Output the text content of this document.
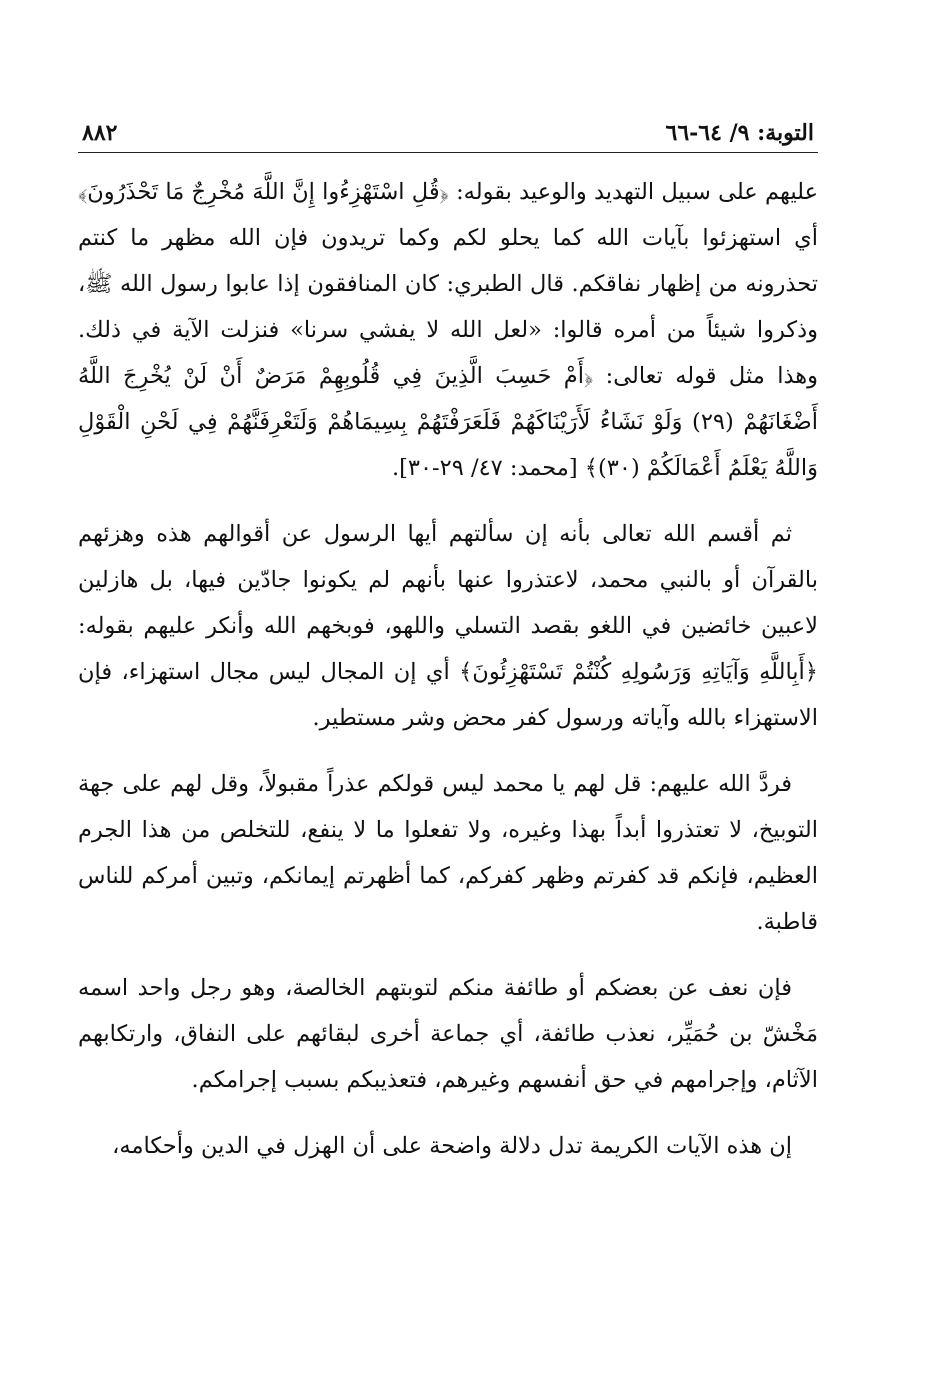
التوبة: ٩/ ٦٤-٦٦
٨٨٢

عليهم على سبيل التهديد والوعيد بقوله: ﴿قُلِ اسْتَهْزِءُوا إِنَّ اللَّهَ مُخْرِجٌ مَا تَحْذَرُونَ﴾ أي استهزئوا بآيات الله كما يحلو لكم وكما تريدون فإن الله مظهر ما كنتم تحذرونه من إظهار نفاقكم. قال الطبري: كان المنافقون إذا عابوا رسول الله ﷺ، وذكروا شيئاً من أمره قالوا: «لعل الله لا يفشي سرنا» فنزلت الآية في ذلك. وهذا مثل قوله تعالى: ﴿أَمْ حَسِبَ الَّذِينَ فِي قُلُوبِهِمْ مَرَضٌ أَنْ لَنْ يُخْرِجَ اللَّهُ أَضْغَانَهُمْ (٢٩) وَلَوْ نَشَاءُ لَأَرَيْنَاكَهُمْ فَلَعَرَفْتَهُمْ بِسِيمَاهُمْ وَلَتَعْرِفَنَّهُمْ فِي لَحْنِ الْقَوْلِ وَاللَّهُ يَعْلَمُ أَعْمَالَكُمْ (٣٠)﴾ [محمد: ٤٧/ ٢٩-٣٠].

ثم أقسم الله تعالى بأنه إن سألتهم أيها الرسول عن أقوالهم هذه وهزئهم بالقرآن أو بالنبي محمد، لاعتذروا عنها بأنهم لم يكونوا جادّين فيها، بل هازلين لاعبين خائضين في اللغو بقصد التسلي واللهو، فوبخهم الله وأنكر عليهم بقوله: ﴿أَبِاللَّهِ وَآيَاتِهِ وَرَسُولِهِ كُنْتُمْ تَسْتَهْزِئُونَ﴾ أي إن المجال ليس مجال استهزاء، فإن الاستهزاء بالله وآياته ورسول كفر محض وشر مستطير.

فردَّ الله عليهم: قل لهم يا محمد ليس قولكم عذراً مقبولاً، وقل لهم على جهة التوبيخ، لا تعتذروا أبداً بهذا وغيره، ولا تفعلوا ما لا ينفع، للتخلص من هذا الجرم العظيم، فإنكم قد كفرتم وظهر كفركم، كما أظهرتم إيمانكم، وتبين أمركم للناس قاطبة.

فإن نعف عن بعضكم أو طائفة منكم لتوبتهم الخالصة، وهو رجل واحد اسمه مَخْشّ بن حُمَيِّر، نعذب طائفة، أي جماعة أخرى لبقائهم على النفاق، وارتكابهم الآثام، وإجرامهم في حق أنفسهم وغيرهم، فتعذيبكم بسبب إجرامكم.

إن هذه الآيات الكريمة تدل دلالة واضحة على أن الهزل في الدين وأحكامه،
